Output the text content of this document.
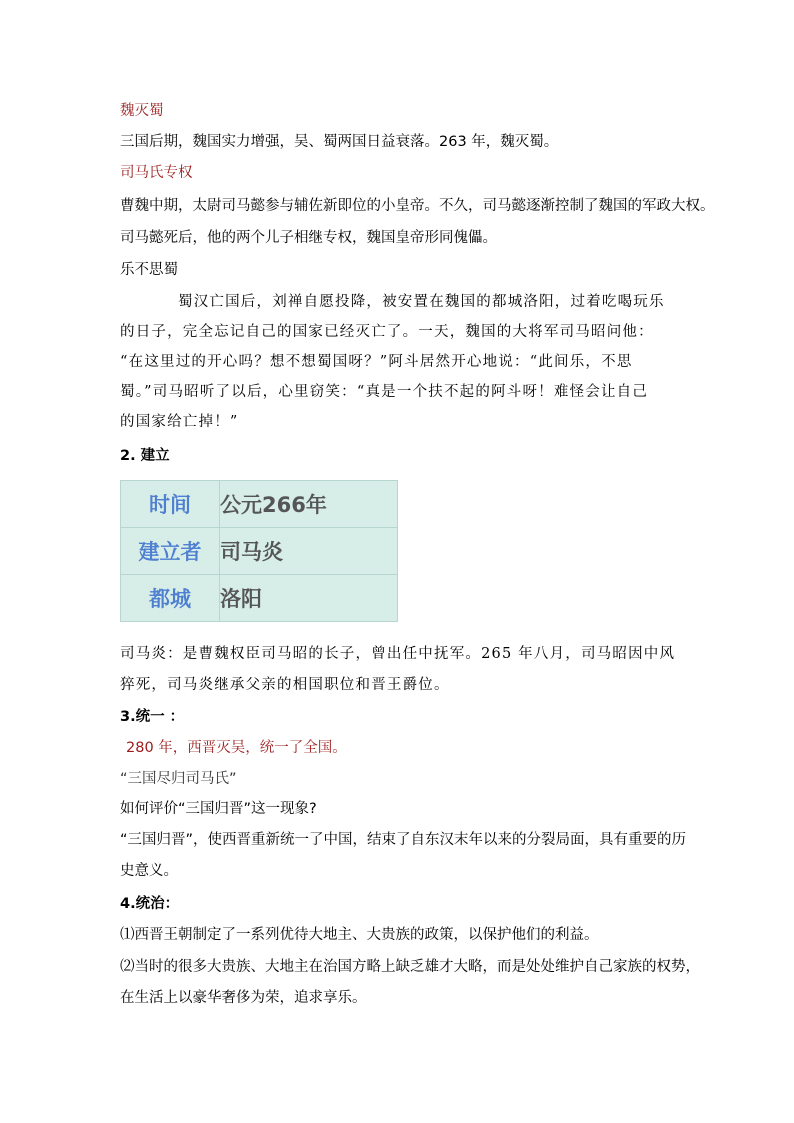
魏灭蜀
三国后期，魏国实力增强，吴、蜀两国日益衰落。263 年，魏灭蜀。
司马氏专权
曹魏中期，太尉司马懿参与辅佐新即位的小皇帝。不久，司马懿逐渐控制了魏国的军政大权。
司马懿死后，他的两个儿子相继专权，魏国皇帝形同傀儡。
乐不思蜀
蜀汉亡国后，刘禅自愿投降，被安置在魏国的都城洛阳，过着吃喝玩乐
的日子，完全忘记自己的国家已经灭亡了。一天，魏国的大将军司马昭问他：
“在这里过的开心吗？想不想蜀国呀？”阿斗居然开心地说：“此间乐，不思
蜀。”司马昭听了以后，心里窃笑：“真是一个扶不起的阿斗呀！难怪会让自己
的国家给亡掉！”
2. 建立
时间	公元266年
建立者	司马炎
都城	洛阳
司马炎：是曹魏权臣司马昭的长子，曾出任中抚军。265 年八月，司马昭因中风
猝死，司马炎继承父亲的相国职位和晋王爵位。
3.统一 ：
280 年，西晋灭吴，统一了全国。
“三国尽归司马氏”
如何评价“三国归晋”这一现象?
“三国归晋”，使西晋重新统一了中国，结束了自东汉末年以来的分裂局面，具有重要的历
史意义。
4.统治：
⑴西晋王朝制定了一系列优待大地主、大贵族的政策，以保护他们的利益。
⑵当时的很多大贵族、大地主在治国方略上缺乏雄才大略，而是处处维护自己家族的权势，
在生活上以豪华奢侈为荣，追求享乐。
